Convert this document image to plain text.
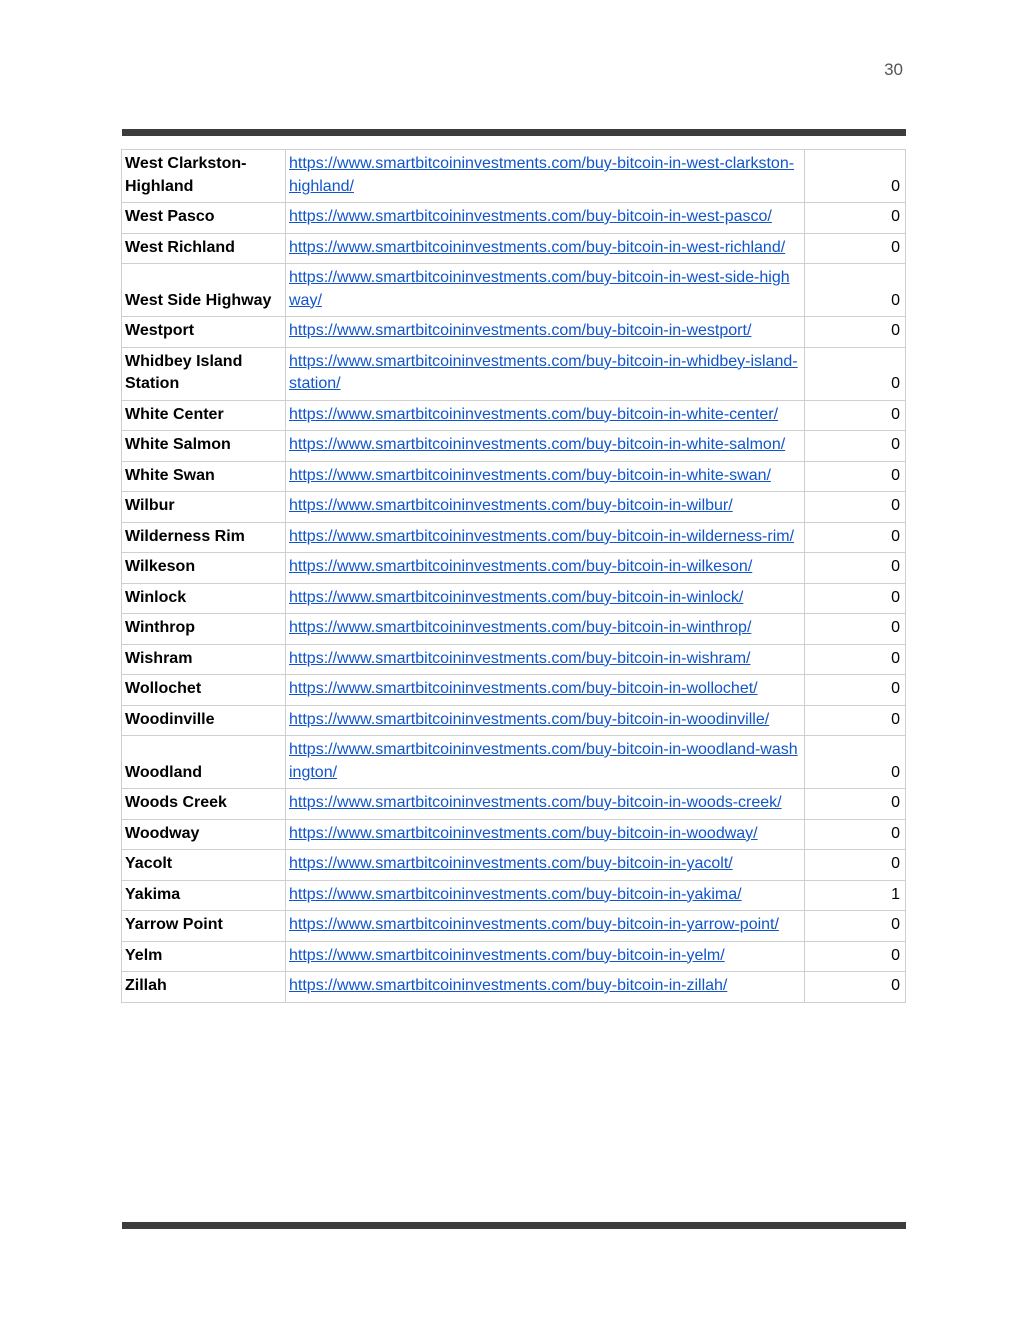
30
West Clarkston-Highland	https://www.smartbitcoininvestments.com/buy-bitcoin-in-west-clarkston-highland/	0
West Pasco	https://www.smartbitcoininvestments.com/buy-bitcoin-in-west-pasco/	0
West Richland	https://www.smartbitcoininvestments.com/buy-bitcoin-in-west-richland/	0
West Side Highway	https://www.smartbitcoininvestments.com/buy-bitcoin-in-west-side-highway/	0
Westport	https://www.smartbitcoininvestments.com/buy-bitcoin-in-westport/	0
Whidbey Island Station	https://www.smartbitcoininvestments.com/buy-bitcoin-in-whidbey-island-station/	0
White Center	https://www.smartbitcoininvestments.com/buy-bitcoin-in-white-center/	0
White Salmon	https://www.smartbitcoininvestments.com/buy-bitcoin-in-white-salmon/	0
White Swan	https://www.smartbitcoininvestments.com/buy-bitcoin-in-white-swan/	0
Wilbur	https://www.smartbitcoininvestments.com/buy-bitcoin-in-wilbur/	0
Wilderness Rim	https://www.smartbitcoininvestments.com/buy-bitcoin-in-wilderness-rim/	0
Wilkeson	https://www.smartbitcoininvestments.com/buy-bitcoin-in-wilkeson/	0
Winlock	https://www.smartbitcoininvestments.com/buy-bitcoin-in-winlock/	0
Winthrop	https://www.smartbitcoininvestments.com/buy-bitcoin-in-winthrop/	0
Wishram	https://www.smartbitcoininvestments.com/buy-bitcoin-in-wishram/	0
Wollochet	https://www.smartbitcoininvestments.com/buy-bitcoin-in-wollochet/	0
Woodinville	https://www.smartbitcoininvestments.com/buy-bitcoin-in-woodinville/	0
Woodland	https://www.smartbitcoininvestments.com/buy-bitcoin-in-woodland-washington/	0
Woods Creek	https://www.smartbitcoininvestments.com/buy-bitcoin-in-woods-creek/	0
Woodway	https://www.smartbitcoininvestments.com/buy-bitcoin-in-woodway/	0
Yacolt	https://www.smartbitcoininvestments.com/buy-bitcoin-in-yacolt/	0
Yakima	https://www.smartbitcoininvestments.com/buy-bitcoin-in-yakima/	1
Yarrow Point	https://www.smartbitcoininvestments.com/buy-bitcoin-in-yarrow-point/	0
Yelm	https://www.smartbitcoininvestments.com/buy-bitcoin-in-yelm/	0
Zillah	https://www.smartbitcoininvestments.com/buy-bitcoin-in-zillah/	0
